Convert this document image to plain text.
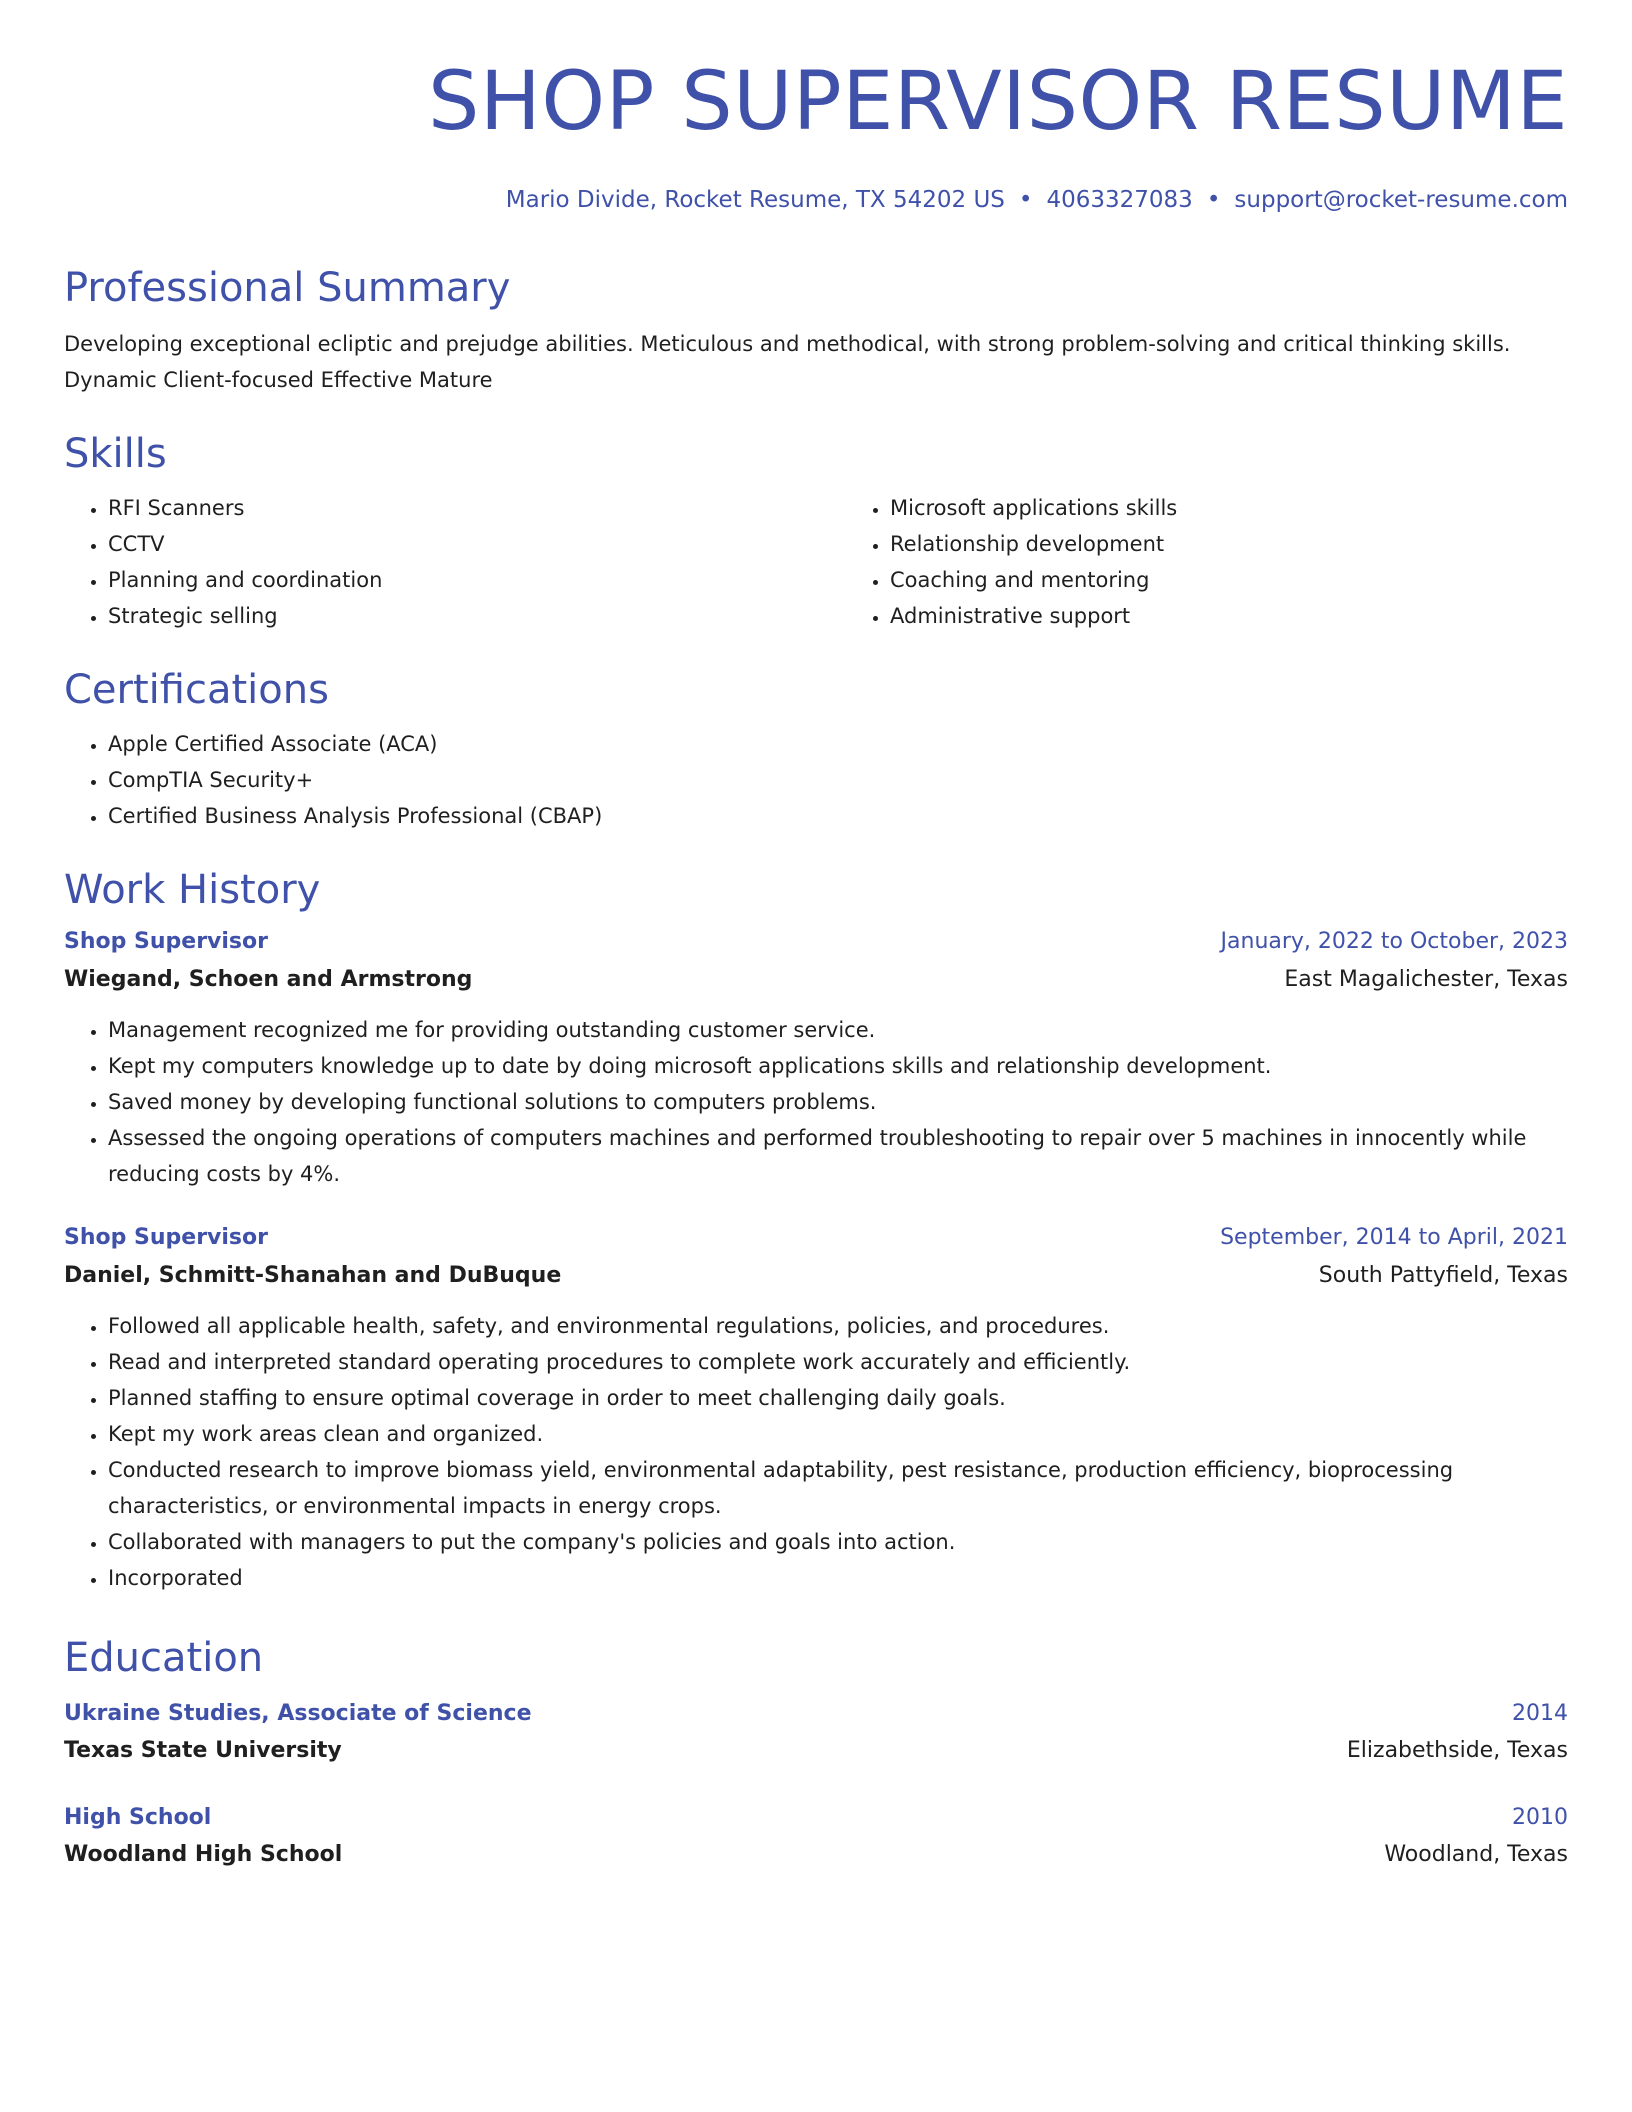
SHOP SUPERVISOR RESUME
Mario Divide, Rocket Resume, TX 54202 US • 4063327083 • support@rocket-resume.com
Professional Summary

Developing exceptional ecliptic and prejudge abilities. Meticulous and methodical, with strong problem-solving and critical thinking skills. Dynamic Client-focused Effective Mature

Skills
• RFI Scanners
• CCTV
• Planning and coordination
• Strategic selling
• Microsoft applications skills
• Relationship development
• Coaching and mentoring
• Administrative support
Certifications
• Apple Certified Associate (ACA)
• CompTIA Security+
• Certified Business Analysis Professional (CBAP)
Work History
Shop Supervisor	January, 2022 to October, 2023
Wiegand, Schoen and Armstrong	East Magalichester, Texas
• Management recognized me for providing outstanding customer service.
• Kept my computers knowledge up to date by doing microsoft applications skills and relationship development.
• Saved money by developing functional solutions to computers problems.
• Assessed the ongoing operations of computers machines and performed troubleshooting to repair over 5 machines in innocently while reducing costs by 4%.
Shop Supervisor	September, 2014 to April, 2021
Daniel, Schmitt-Shanahan and DuBuque	South Pattyfield, Texas
• Followed all applicable health, safety, and environmental regulations, policies, and procedures.
• Read and interpreted standard operating procedures to complete work accurately and efficiently.
• Planned staffing to ensure optimal coverage in order to meet challenging daily goals.
• Kept my work areas clean and organized.
• Conducted research to improve biomass yield, environmental adaptability, pest resistance, production efficiency, bioprocessing characteristics, or environmental impacts in energy crops.
• Collaborated with managers to put the company's policies and goals into action.
• Incorporated
Education
Ukraine Studies, Associate of Science	2014
Texas State University	Elizabethside, Texas
High School	2010
Woodland High School	Woodland, Texas
